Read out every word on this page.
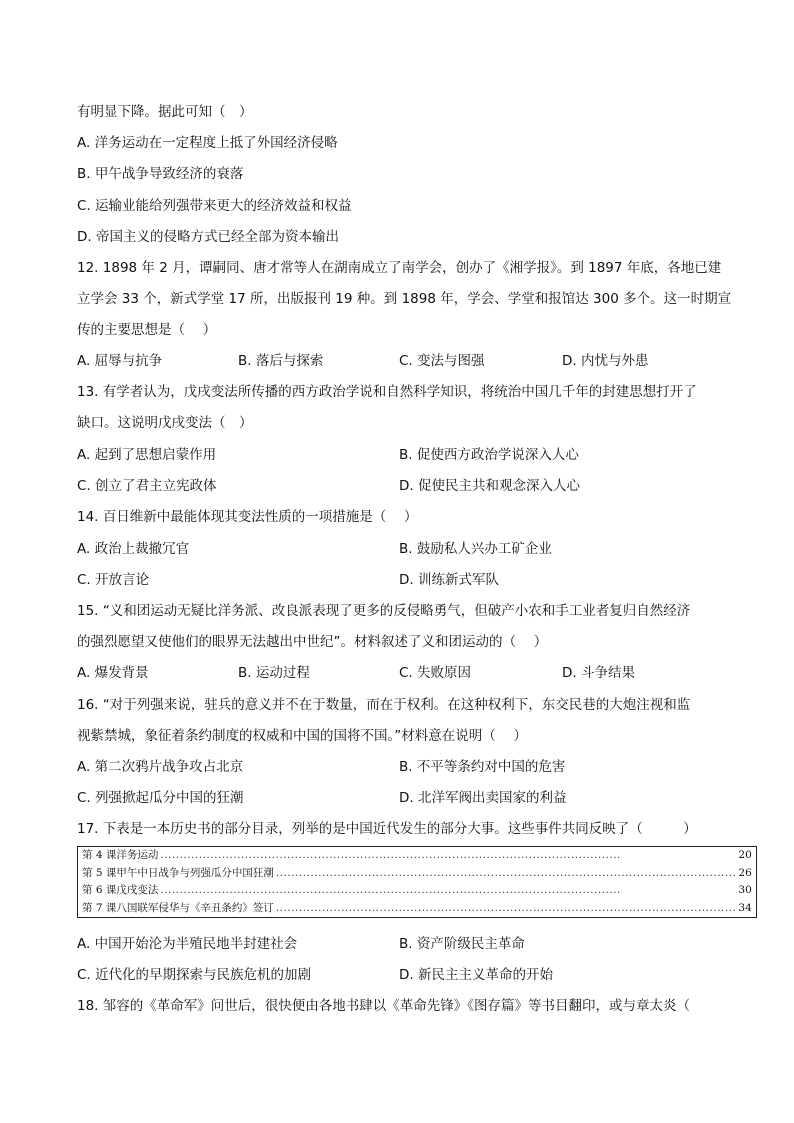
有明显下降。据此可知（　）
A. 洋务运动在一定程度上抵了外国经济侵略
B. 甲午战争导致经济的衰落
C. 运输业能给列强带来更大的经济效益和权益
D. 帝国主义的侵略方式已经全部为资本输出
12. 1898 年 2 月，谭嗣同、唐才常等人在湖南成立了南学会，创办了《湘学报》。到 1897 年底，各地已建
立学会 33 个，新式学堂 17 所，出版报刊 19 种。到 1898 年，学会、学堂和报馆达 300 多个。这一时期宣
传的主要思想是（　 ）
A. 屈辱与抗争	B. 落后与探索	C. 变法与图强	D. 内忧与外患
13. 有学者认为，戊戌变法所传播的西方政治学说和自然科学知识，将统治中国几千年的封建思想打开了
缺口。这说明戊戌变法（　）
A. 起到了思想启蒙作用	B. 促使西方政治学说深入人心
C. 创立了君主立宪政体	D. 促使民主共和观念深入人心
14. 百日维新中最能体现其变法性质的一项措施是（　 ）
A. 政治上裁撤冗官	B. 鼓励私人兴办工矿企业
C. 开放言论	D. 训练新式军队
15. “义和团运动无疑比洋务派、改良派表现了更多的反侵略勇气，但破产小农和手工业者复归自然经济
的强烈愿望又使他们的眼界无法越出中世纪”。材料叙述了义和团运动的（　 ）
A. 爆发背景	B. 运动过程	C. 失败原因	D. 斗争结果
16. “对于列强来说，驻兵的意义并不在于数量，而在于权利。在这种权利下，东交民巷的大炮注视和监
视紫禁城，象征着条约制度的权威和中国的国将不国。”材料意在说明（　 ）
A. 第二次鸦片战争攻占北京	B. 不平等条约对中国的危害
C. 列强掀起瓜分中国的狂潮	D. 北洋军阀出卖国家的利益
17. 下表是一本历史书的部分目录，列举的是中国近代发生的部分大事。这些事件共同反映了（　　　）
第 4 课洋务运动 .....	20

第 5 课甲午中日战争与列强瓜分中国狂潮 .....	26

第 6 课戊戌变法 .....	30

第 7 课八国联军侵华与《辛丑条约》签订 .....	34
A. 中国开始沦为半殖民地半封建社会	B. 资产阶级民主革命
C. 近代化的早期探索与民族危机的加剧	D. 新民主主义革命的开始
18. 邹容的《革命军》问世后，很快便由各地书肆以《革命先锋》《图存篇》等书目翻印，或与章太炎（
